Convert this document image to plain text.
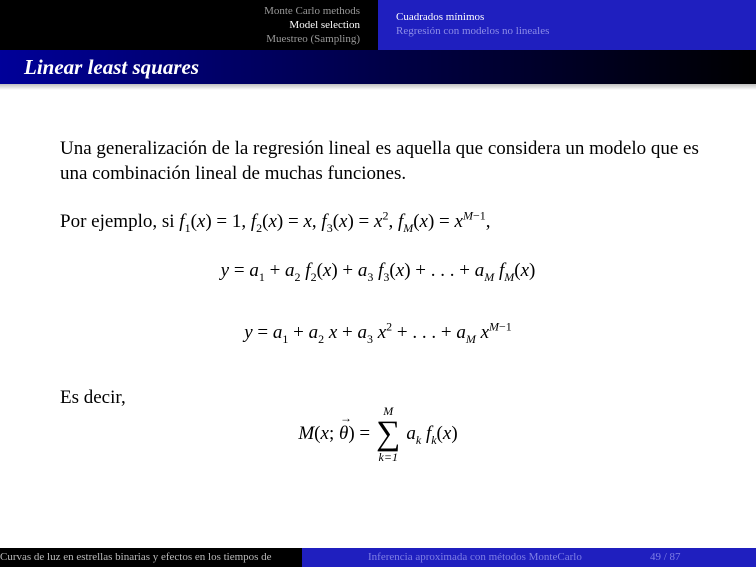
Monte Carlo methods
Model selection
Muestreo (Sampling)
Cuadrados mínimos
Regresión con modelos no lineales
Linear least squares

Una generalización de la regresión lineal es aquella que considera un modelo que es una combinación lineal de muchas funciones.

Por ejemplo, si $f_1(x) = 1$, $f_2(x) = x$, $f_3(x) = x^2$, $f_M(x) = x^{M-1}$,

$y = a_1 + a_2$ $f_2(x) + a_3$ $f_3(x)$ + . . . + $a_M$ $f_M(x)$
$y = a_1 + a_2$ $x + a_3$ $x^2$ + . . . + $a_M$ $x^{M-1}$

Es decir,

M(x; → θ) =
M
∑
k=1
$a_k$ $f_k(x)$
Curvas de luz en estrellas binarias y efectos en los tiempos de	Inferencia aproximada con métodos MonteCarlo	49 / 87
